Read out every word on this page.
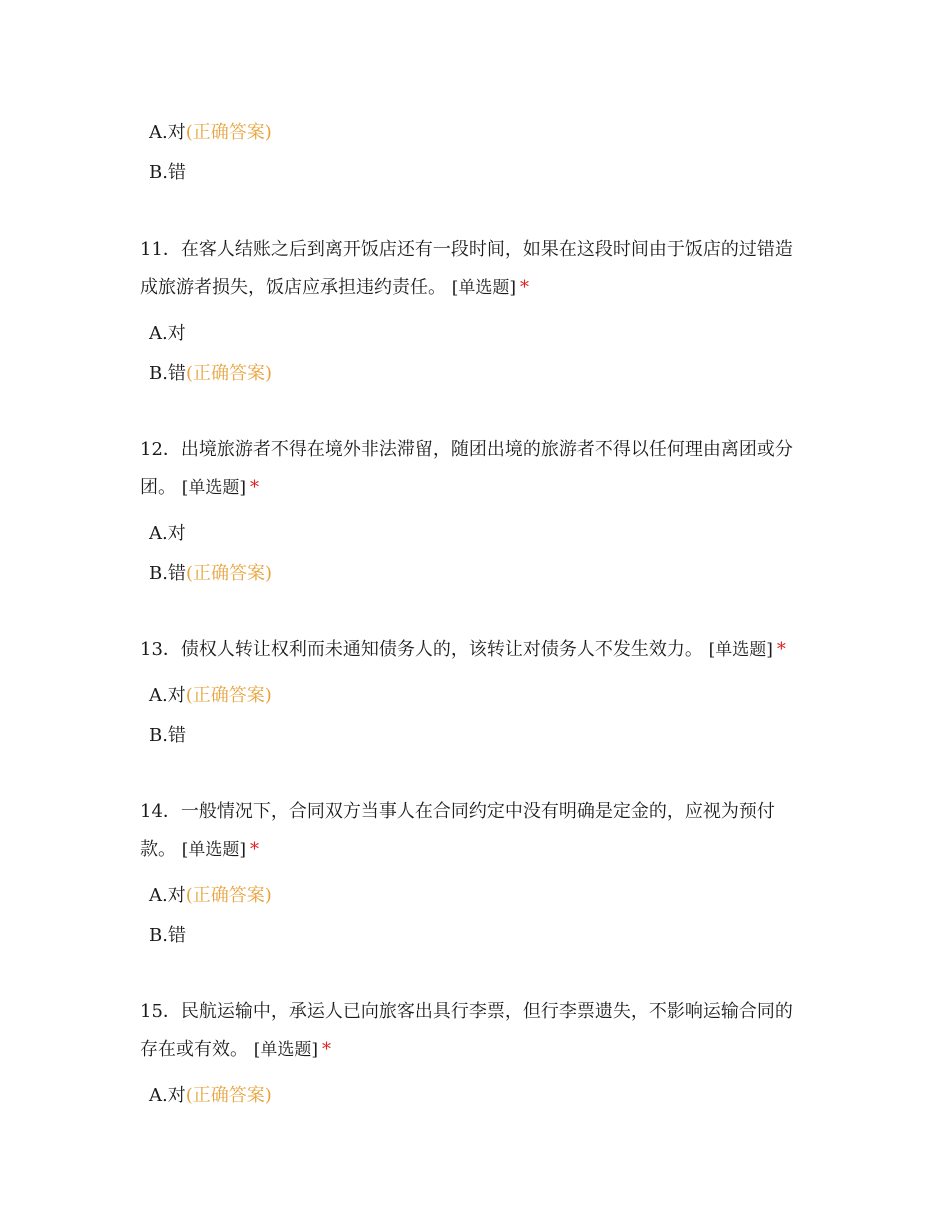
A.对(正确答案)
B.错
11．在客人结账之后到离开饭店还有一段时间，如果在这段时间由于饭店的过错造
成旅游者损失，饭店应承担违约责任。 [单选题] *
A.对
B.错(正确答案)
12．出境旅游者不得在境外非法滞留，随团出境的旅游者不得以任何理由离团或分
团。 [单选题] *
A.对
B.错(正确答案)
13．债权人转让权利而未通知债务人的，该转让对债务人不发生效力。 [单选题] *
A.对(正确答案)
B.错
14．一般情况下，合同双方当事人在合同约定中没有明确是定金的，应视为预付
款。 [单选题] *
A.对(正确答案)
B.错
15．民航运输中，承运人已向旅客出具行李票，但行李票遗失，不影响运输合同的
存在或有效。 [单选题] *
A.对(正确答案)
